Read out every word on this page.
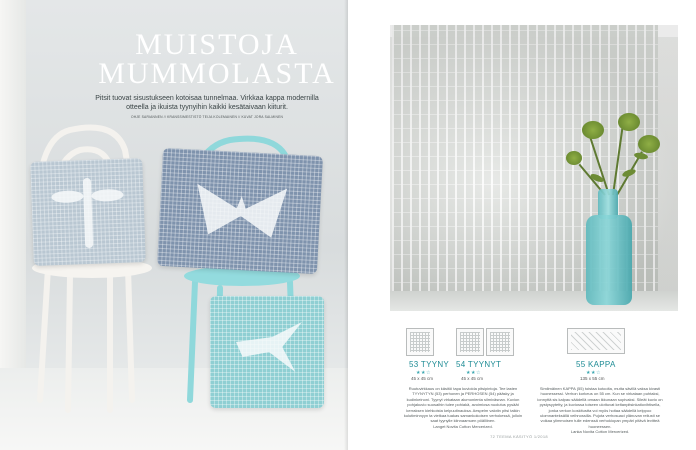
MUISTOJA
MUMMOLASTA
Pitsit tuovat sisustukseen kotoisaa tunnelmaa. Virkkaa kappa modernilla otteella ja ikuista tyynyihin kaikki kesätaivaan kiiturit.
OHJE SARIANNEN // KRANSSIMESTISTÖ TEIJA KOLEMAINEN // KUVAT JORA SALMINEN
53 TYYNY
★★☆
45 x 45 cm
54 TYYNYT
★★☆
45 x 45 cm
55 KAPPA
★★☆
135 x 55 cm
Ruutuvirkkaus on käsitöi tapa kuvioida pitsipintoja. Tee lasten TYYNYTYN (53) perhonen ja PERHOSEN (54) pääsky ja kudinkeinoni. Tyynyt virkataan alumonienta silmiväsnan. Kuvion pohjakuvio suosaihin tulee pohiakä, avoimiosa nuolutus pysäät kerraksen kiehkoista kelpuutinauksa. Aespelm valotin pitsi taikin kulutiminnyyn ta vietkaa tuakas samankokoisen verhokessä, jolloin saat tyynylle kiinnaamuen pöälliinen.
Langet Novita Cotton Mercerized.
Simlimäinen KAPPA (55) toistaa kotoolta, mutta sävillä vaksa kivasti huonessessi. Verhon korkeus on 55 cm. Kun se virkataan puhtaksi, ionnyttä sis kalpau säädellä omaan ikkunaan sopivaksi. Sileät kuvio on pystysyytetty, ja kuviossa toiseen ulottuvat keltanpitsinkatiovihtisella, jonka verkon koskitustta voi myös hoitaa säädellä kelppoo ulomnanteksällä veihnossilla. Pujota verhosuaci ylänuvan reilusti se voikaa ylimmoisen tulle edenssä verhokiopan ympäri pitävä levitteä huoneessen.
Lanka Novita Cotton Mercerized.
72 TEEMA KÄSITYÖ 1/2018
